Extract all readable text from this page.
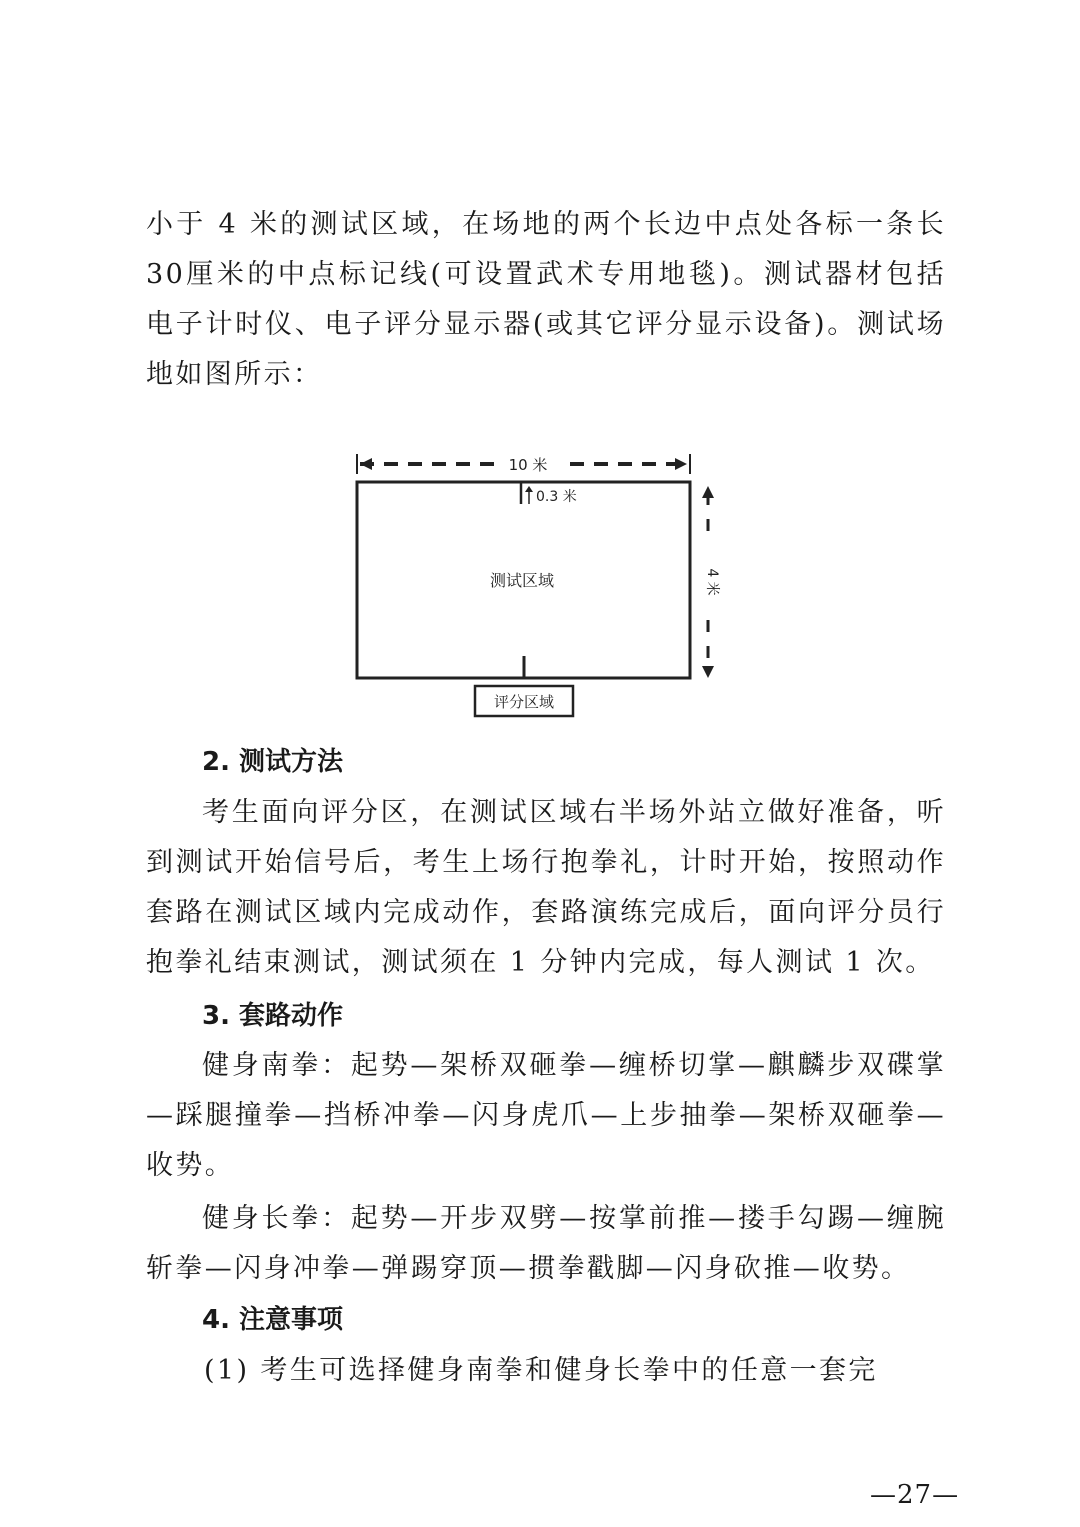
小于 4 米的测试区域，在场地的两个长边中点处各标一条长30厘米的中点标记线(可设置武术专用地毯)。测试器材包括电子计时仪、电子评分显示器(或其它评分显示设备)。测试场地如图所示：

10 米
0.3 米
测试区域	4 米
评分区域
2. 测试方法

考生面向评分区，在测试区域右半场外站立做好准备，听到测试开始信号后，考生上场行抱拳礼，计时开始，按照动作套路在测试区域内完成动作，套路演练完成后，面向评分员行抱拳礼结束测试，测试须在 1 分钟内完成，每人测试 1 次。

3. 套路动作

健身南拳：起势—架桥双砸拳—缠桥切掌—麒麟步双碟掌—踩腿撞拳—挡桥冲拳—闪身虎爪—上步抽拳—架桥双砸拳—收势。

健身长拳：起势—开步双劈—按掌前推—搂手勾踢—缠腕斩拳—闪身冲拳—弹踢穿顶—掼拳戳脚—闪身砍推—收势。

4. 注意事项

(1) 考生可选择健身南拳和健身长拳中的任意一套完

—27—
